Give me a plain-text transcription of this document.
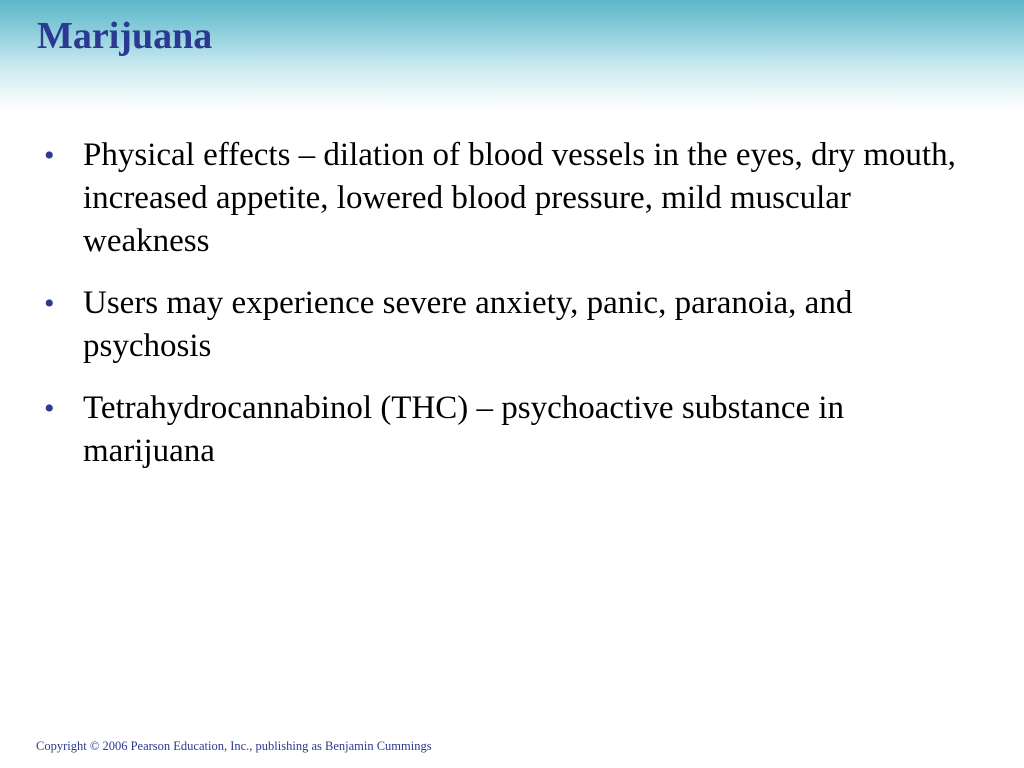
Marijuana
• Physical effects – dilation of blood vessels in the eyes, dry mouth, increased appetite, lowered blood pressure, mild muscular weakness
• Users may experience severe anxiety, panic, paranoia, and psychosis
• Tetrahydrocannabinol (THC) – psychoactive substance in marijuana

Copyright © 2006 Pearson Education, Inc., publishing as Benjamin Cummings
